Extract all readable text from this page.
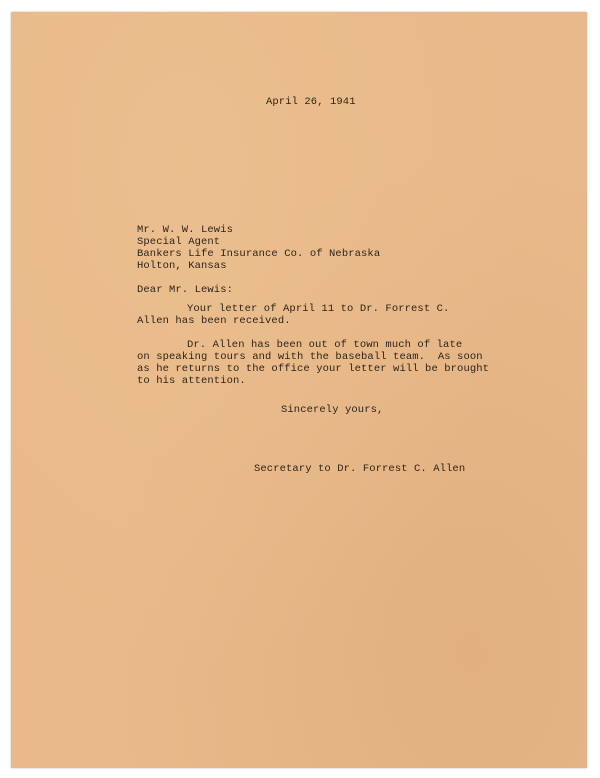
April 26, 1941
Mr. W. W. Lewis
Special Agent
Bankers Life Insurance Co. of Nebraska
Holton, Kansas
Dear Mr. Lewis:
Your letter of April 11 to Dr. Forrest C.
Allen has been received.
Dr. Allen has been out of town much of late
on speaking tours and with the baseball team.  As soon
as he returns to the office your letter will be brought
to his attention.
Sincerely yours,
Secretary to Dr. Forrest C. Allen
